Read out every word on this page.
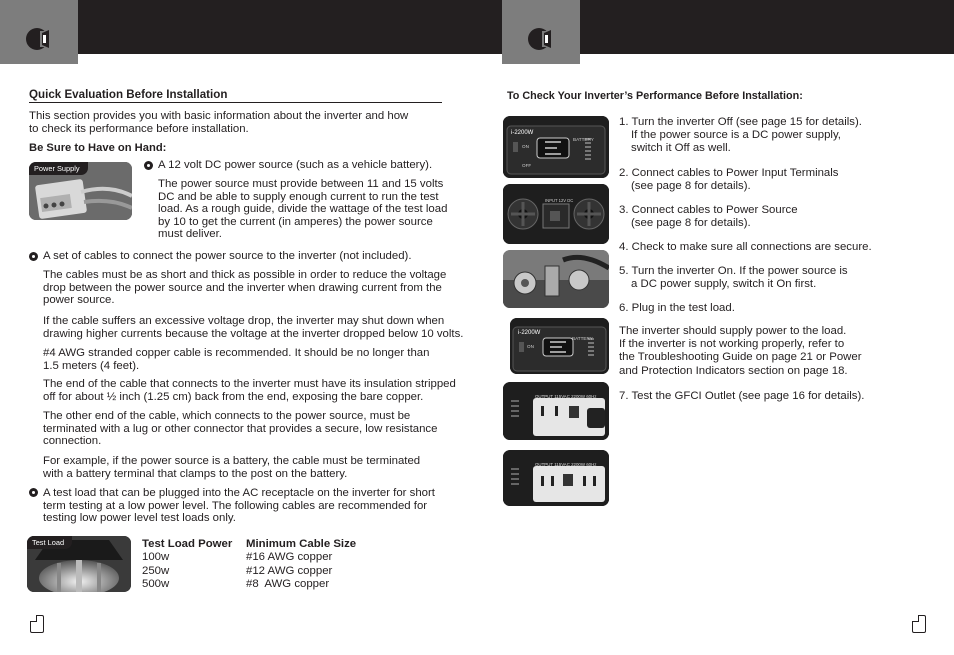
Quick Evaluation Before Installation
This section provides you with basic information about the inverter and how
to check its performance before installation.
Be Sure to Have on Hand:
Power Supply	A 12 volt DC power source (such as a vehicle battery).
The power source must provide between 11 and 15 volts
DC and be able to supply enough current to run the test
load. As a rough guide, divide the wattage of the test load
by 10 to get the current (in amperes) the power source
must deliver.
A set of cables to connect the power source to the inverter (not included).
The cables must be as short and thick as possible in order to reduce the voltage
drop between the power source and the inverter when drawing current from the
power source.
If the cable suffers an excessive voltage drop, the inverter may shut down when
drawing higher currents because the voltage at the inverter dropped below 10 volts.
#4 AWG stranded copper cable is recommended. It should be no longer than
1.5 meters (4 feet).
The end of the cable that connects to the inverter must have its insulation stripped
off for about ½ inch (1.25 cm) back from the end, exposing the bare copper.
The other end of the cable, which connects to the power source, must be
terminated with a lug or other connector that provides a secure, low resistance
connection.
For example, if the power source is a battery, the cable must be terminated
with a battery terminal that clamps to the post on the battery.
A test load that can be plugged into the AC receptacle on the inverter for short
term testing at a low power level. The following cables are recommended for
testing low power level test loads only.
Test Load	Test Load Power Minimum Cable Size
100w
250w
500w
#16 AWG copper
#12 AWG copper
#8  AWG copper
To Check Your Inverter’s Performance Before Installation:
i-2200W
BATTERY
ON
OFF
INPUT 12V DC
i-2200W
BATTERY
ON
OUTPUT 115VAC 2200W 60Hz
OUTPUT 115VAC 2200W 60Hz
1. Turn the inverter Off (see page 15 for details).
If the power source is a DC power supply,
switch it Off as well.
2. Connect cables to Power Input Terminals
(see page 8 for details).
3. Connect cables to Power Source
(see page 8 for details).
4. Check to make sure all connections are secure.
5. Turn the inverter On. If the power source is
a DC power supply, switch it On first.
6. Plug in the test load.
The inverter should supply power to the load.
If the inverter is not working properly, refer to
the Troubleshooting Guide on page 21 or Power
and Protection Indicators section on page 18.
7. Test the GFCI Outlet (see page 16 for details).
